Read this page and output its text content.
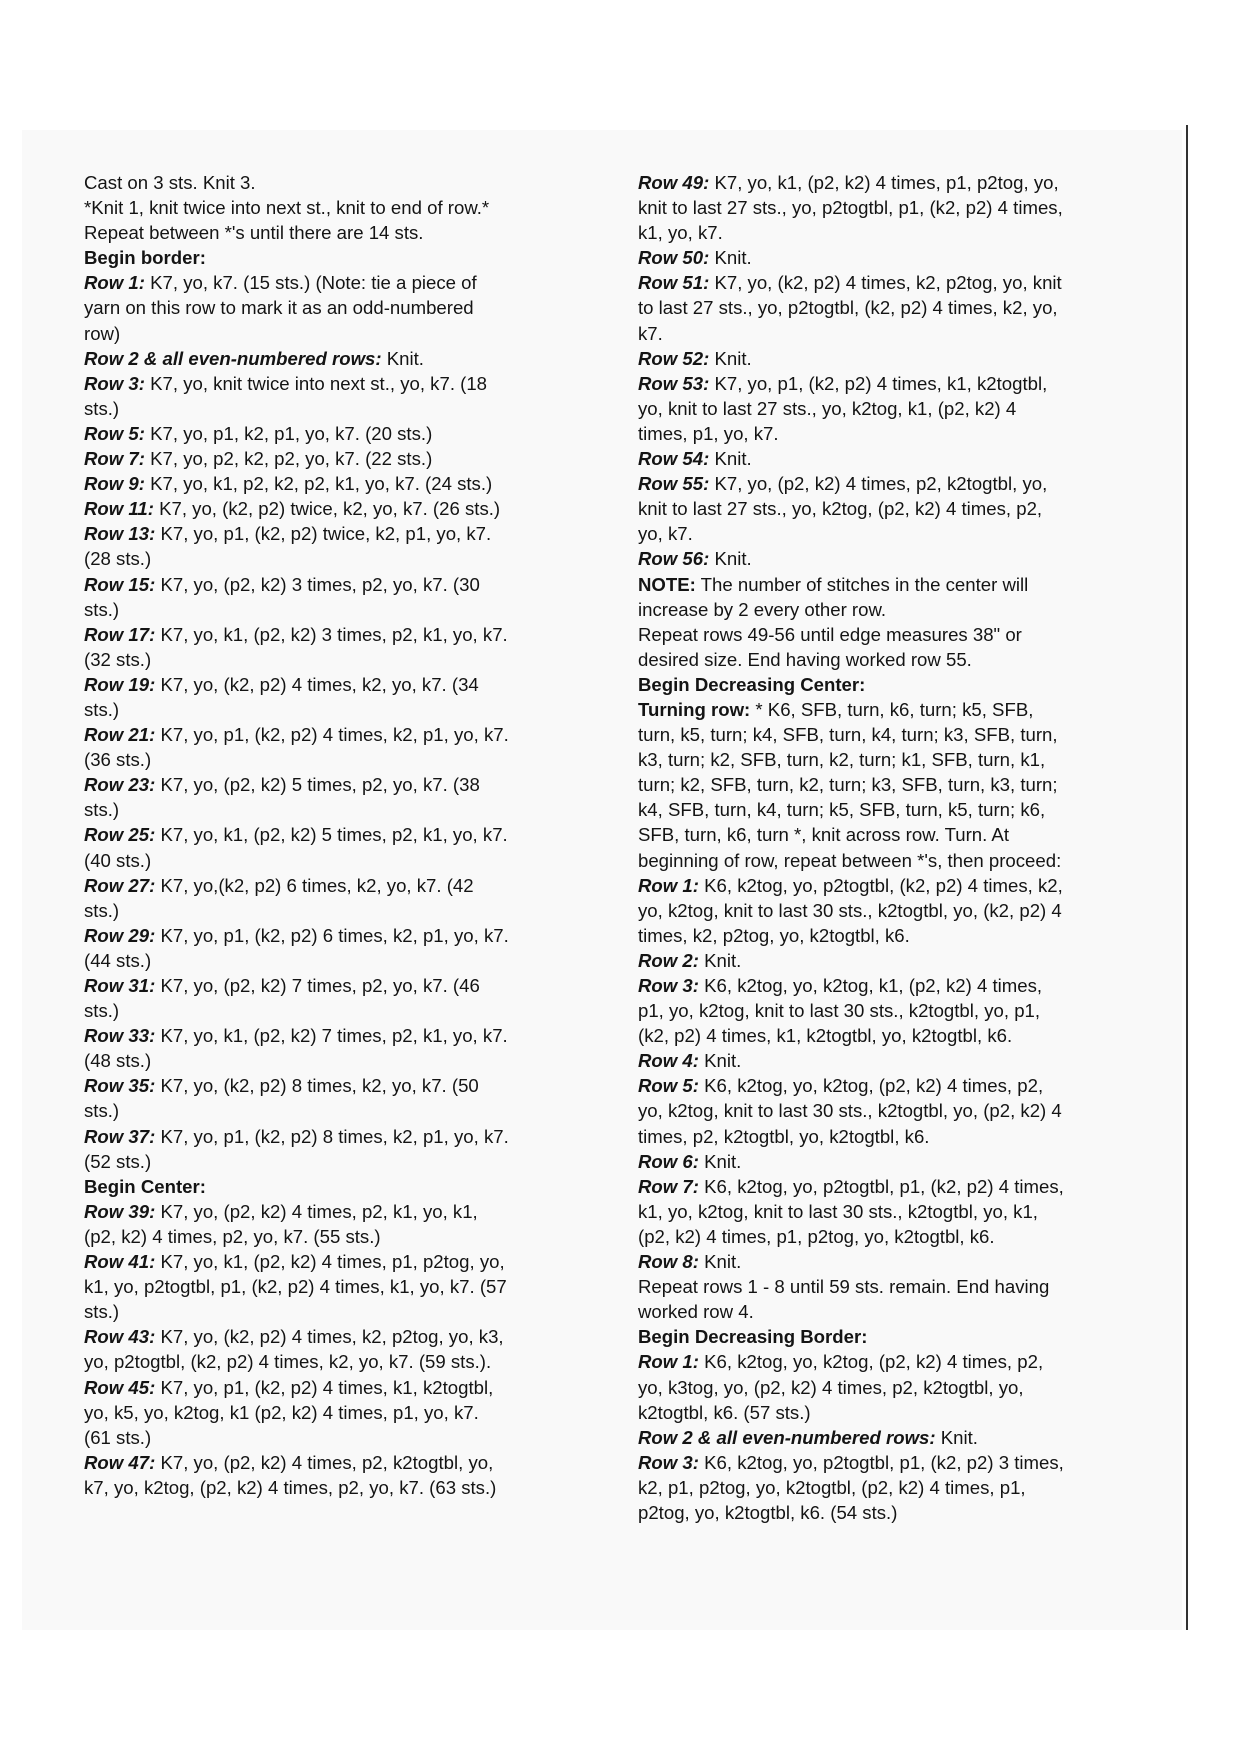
Cast on 3 sts. Knit 3.
*Knit 1, knit twice into next st., knit to end of row.*
Repeat between *'s until there are 14 sts.
Begin border:
Row 1: K7, yo, k7. (15 sts.) (Note: tie a piece of
yarn on this row to mark it as an odd-numbered
row)
Row 2 & all even-numbered rows: Knit.
Row 3: K7, yo, knit twice into next st., yo, k7. (18
sts.)
Row 5: K7, yo, p1, k2, p1, yo, k7. (20 sts.)
Row 7: K7, yo, p2, k2, p2, yo, k7. (22 sts.)
Row 9: K7, yo, k1, p2, k2, p2, k1, yo, k7. (24 sts.)
Row 11: K7, yo, (k2, p2) twice, k2, yo, k7. (26 sts.)
Row 13: K7, yo, p1, (k2, p2) twice, k2, p1, yo, k7.
(28 sts.)
Row 15: K7, yo, (p2, k2) 3 times, p2, yo, k7. (30
sts.)
Row 17: K7, yo, k1, (p2, k2) 3 times, p2, k1, yo, k7.
(32 sts.)
Row 19: K7, yo, (k2, p2) 4 times, k2, yo, k7. (34
sts.)
Row 21: K7, yo, p1, (k2, p2) 4 times, k2, p1, yo, k7.
(36 sts.)
Row 23: K7, yo, (p2, k2) 5 times, p2, yo, k7. (38
sts.)
Row 25: K7, yo, k1, (p2, k2) 5 times, p2, k1, yo, k7.
(40 sts.)
Row 27: K7, yo,(k2, p2) 6 times, k2, yo, k7. (42
sts.)
Row 29: K7, yo, p1, (k2, p2) 6 times, k2, p1, yo, k7.
(44 sts.)
Row 31: K7, yo, (p2, k2) 7 times, p2, yo, k7. (46
sts.)
Row 33: K7, yo, k1, (p2, k2) 7 times, p2, k1, yo, k7.
(48 sts.)
Row 35: K7, yo, (k2, p2) 8 times, k2, yo, k7. (50
sts.)
Row 37: K7, yo, p1, (k2, p2) 8 times, k2, p1, yo, k7.
(52 sts.)
Begin Center:
Row 39: K7, yo, (p2, k2) 4 times, p2, k1, yo, k1,
(p2, k2) 4 times, p2, yo, k7. (55 sts.)
Row 41: K7, yo, k1, (p2, k2) 4 times, p1, p2tog, yo,
k1, yo, p2togtbl, p1, (k2, p2) 4 times, k1, yo, k7. (57
sts.)
Row 43: K7, yo, (k2, p2) 4 times, k2, p2tog, yo, k3,
yo, p2togtbl, (k2, p2) 4 times, k2, yo, k7. (59 sts.).
Row 45: K7, yo, p1, (k2, p2) 4 times, k1, k2togtbl,
yo, k5, yo, k2tog, k1 (p2, k2) 4 times, p1, yo, k7.
(61 sts.)
Row 47: K7, yo, (p2, k2) 4 times, p2, k2togtbl, yo,
k7, yo, k2tog, (p2, k2) 4 times, p2, yo, k7. (63 sts.)
Row 49: K7, yo, k1, (p2, k2) 4 times, p1, p2tog, yo,
knit to last 27 sts., yo, p2togtbl, p1, (k2, p2) 4 times,
k1, yo, k7.
Row 50: Knit.
Row 51: K7, yo, (k2, p2) 4 times, k2, p2tog, yo, knit
to last 27 sts., yo, p2togtbl, (k2, p2) 4 times, k2, yo,
k7.
Row 52: Knit.
Row 53: K7, yo, p1, (k2, p2) 4 times, k1, k2togtbl,
yo, knit to last 27 sts., yo, k2tog, k1, (p2, k2) 4
times, p1, yo, k7.
Row 54: Knit.
Row 55: K7, yo, (p2, k2) 4 times, p2, k2togtbl, yo,
knit to last 27 sts., yo, k2tog, (p2, k2) 4 times, p2,
yo, k7.
Row 56: Knit.
NOTE: The number of stitches in the center will
increase by 2 every other row.
Repeat rows 49-56 until edge measures 38" or
desired size. End having worked row 55.
Begin Decreasing Center:
Turning row: * K6, SFB, turn, k6, turn; k5, SFB,
turn, k5, turn; k4, SFB, turn, k4, turn; k3, SFB, turn,
k3, turn; k2, SFB, turn, k2, turn; k1, SFB, turn, k1,
turn; k2, SFB, turn, k2, turn; k3, SFB, turn, k3, turn;
k4, SFB, turn, k4, turn; k5, SFB, turn, k5, turn; k6,
SFB, turn, k6, turn *, knit across row. Turn. At
beginning of row, repeat between *'s, then proceed:
Row 1: K6, k2tog, yo, p2togtbl, (k2, p2) 4 times, k2,
yo, k2tog, knit to last 30 sts., k2togtbl, yo, (k2, p2) 4
times, k2, p2tog, yo, k2togtbl, k6.
Row 2: Knit.
Row 3: K6, k2tog, yo, k2tog, k1, (p2, k2) 4 times,
p1, yo, k2tog, knit to last 30 sts., k2togtbl, yo, p1,
(k2, p2) 4 times, k1, k2togtbl, yo, k2togtbl, k6.
Row 4: Knit.
Row 5: K6, k2tog, yo, k2tog, (p2, k2) 4 times, p2,
yo, k2tog, knit to last 30 sts., k2togtbl, yo, (p2, k2) 4
times, p2, k2togtbl, yo, k2togtbl, k6.
Row 6: Knit.
Row 7: K6, k2tog, yo, p2togtbl, p1, (k2, p2) 4 times,
k1, yo, k2tog, knit to last 30 sts., k2togtbl, yo, k1,
(p2, k2) 4 times, p1, p2tog, yo, k2togtbl, k6.
Row 8: Knit.
Repeat rows 1 - 8 until 59 sts. remain. End having
worked row 4.
Begin Decreasing Border:
Row 1: K6, k2tog, yo, k2tog, (p2, k2) 4 times, p2,
yo, k3tog, yo, (p2, k2) 4 times, p2, k2togtbl, yo,
k2togtbl, k6. (57 sts.)
Row 2 & all even-numbered rows: Knit.
Row 3: K6, k2tog, yo, p2togtbl, p1, (k2, p2) 3 times,
k2, p1, p2tog, yo, k2togtbl, (p2, k2) 4 times, p1,
p2tog, yo, k2togtbl, k6. (54 sts.)
